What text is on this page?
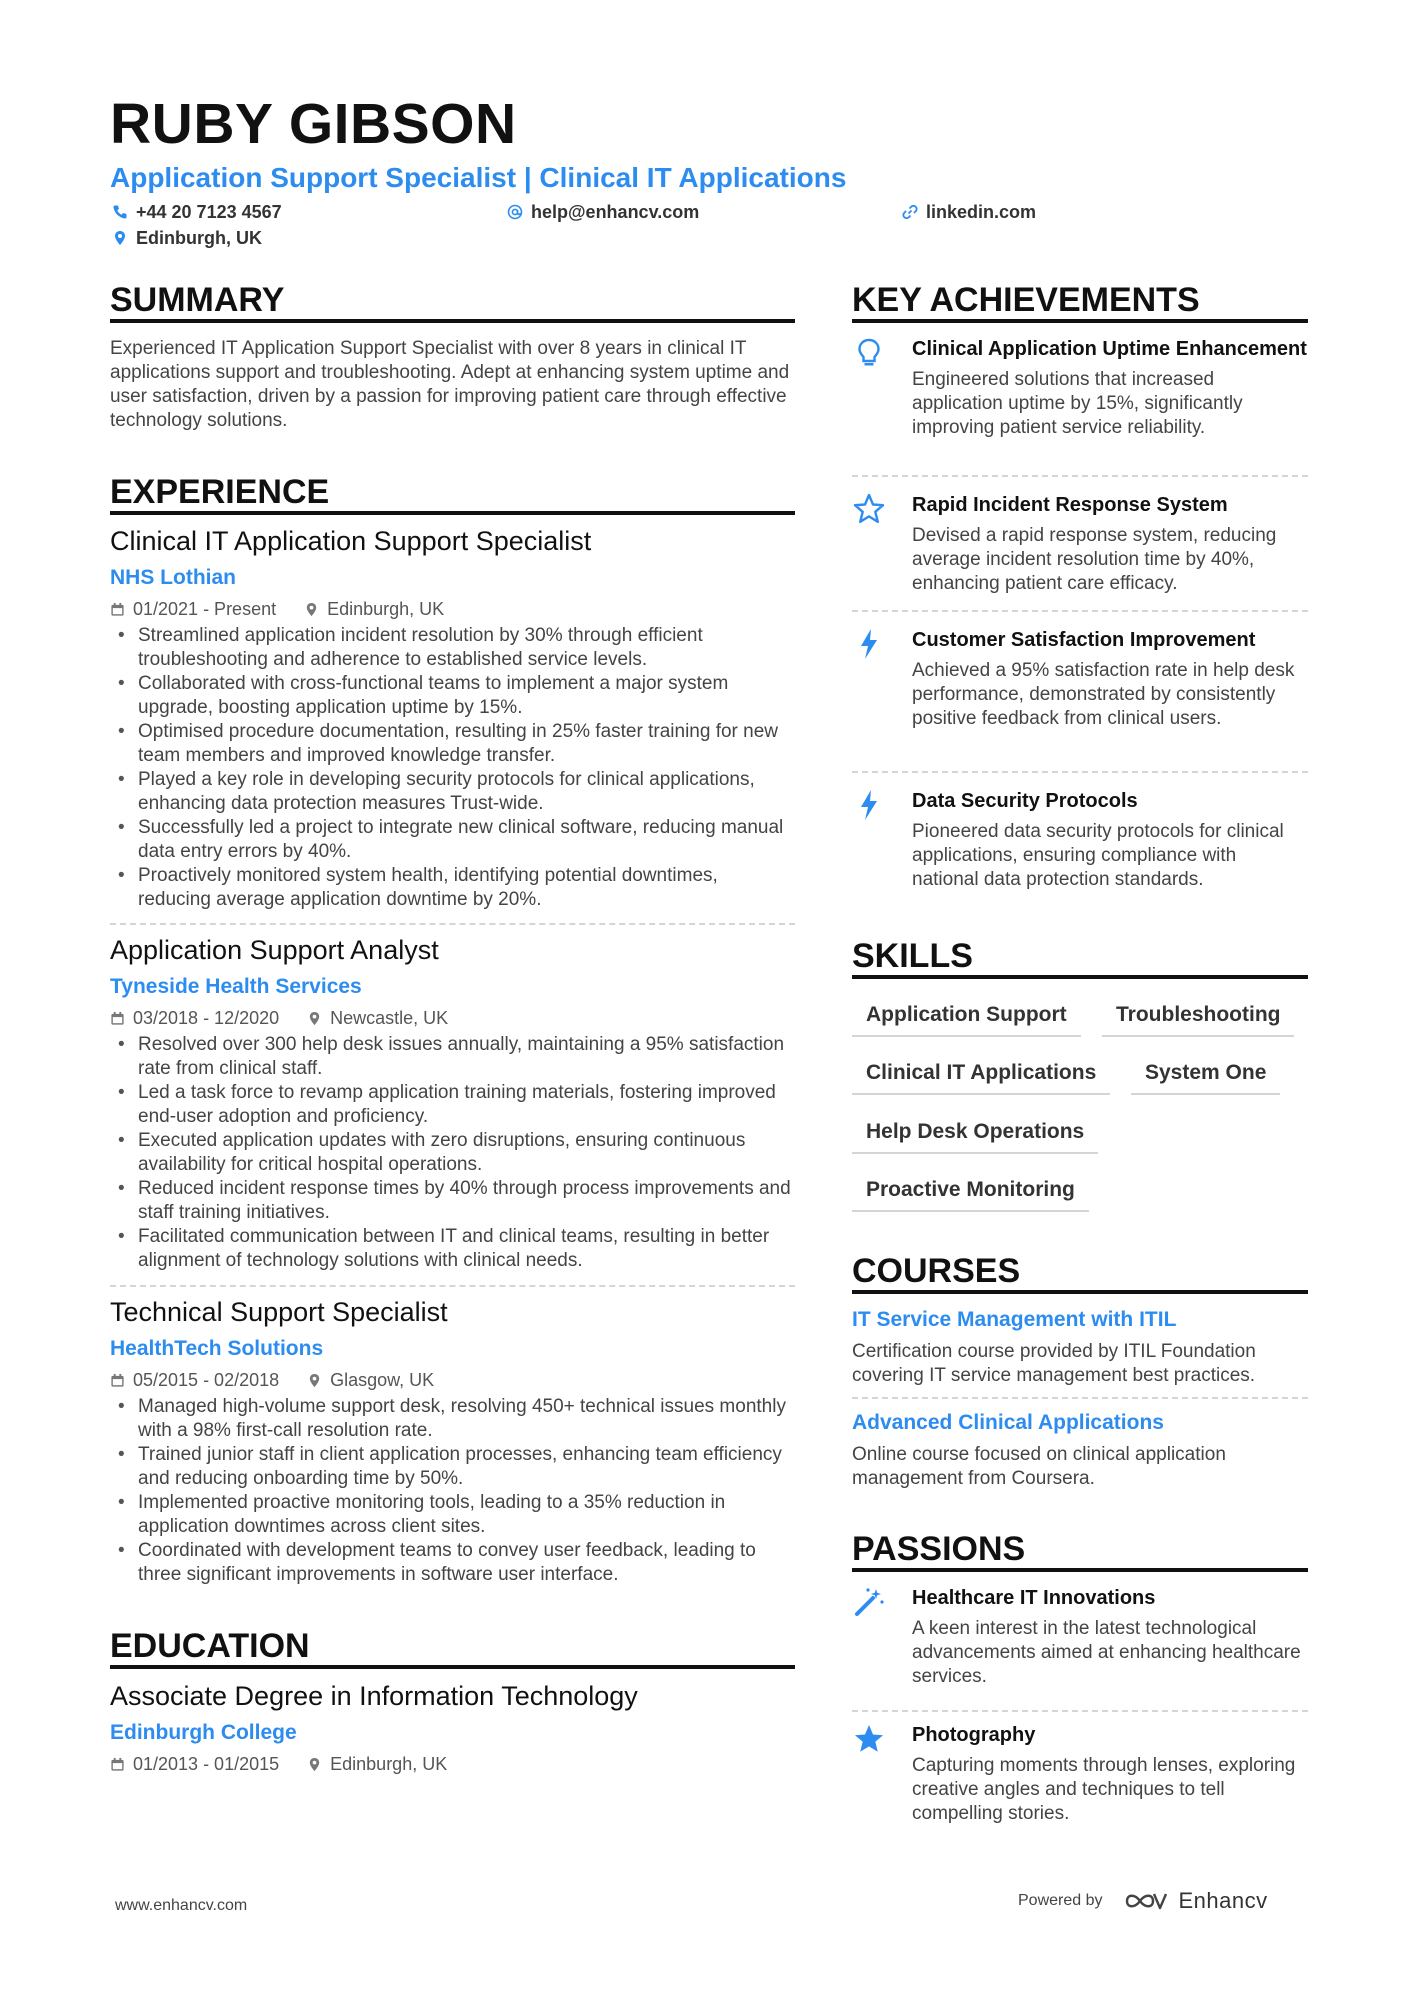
RUBY GIBSON
Application Support Specialist | Clinical IT Applications
+44 20 7123 4567	help@enhancv.com	linkedin.com
Edinburgh, UK
SUMMARY
Experienced IT Application Support Specialist with over 8 years in clinical IT applications support and troubleshooting. Adept at enhancing system uptime and user satisfaction, driven by a passion for improving patient care through effective technology solutions.
EXPERIENCE
Clinical IT Application Support Specialist
NHS Lothian
01/2021 - Present	Edinburgh, UK
• Streamlined application incident resolution by 30% through efficient troubleshooting and adherence to established service levels.
• Collaborated with cross-functional teams to implement a major system upgrade, boosting application uptime by 15%.
• Optimised procedure documentation, resulting in 25% faster training for new team members and improved knowledge transfer.
• Played a key role in developing security protocols for clinical applications, enhancing data protection measures Trust-wide.
• Successfully led a project to integrate new clinical software, reducing manual data entry errors by 40%.
• Proactively monitored system health, identifying potential downtimes, reducing average application downtime by 20%.
Application Support Analyst
Tyneside Health Services
03/2018 - 12/2020	Newcastle, UK
• Resolved over 300 help desk issues annually, maintaining a 95% satisfaction rate from clinical staff.
• Led a task force to revamp application training materials, fostering improved end-user adoption and proficiency.
• Executed application updates with zero disruptions, ensuring continuous availability for critical hospital operations.
• Reduced incident response times by 40% through process improvements and staff training initiatives.
• Facilitated communication between IT and clinical teams, resulting in better alignment of technology solutions with clinical needs.
Technical Support Specialist
HealthTech Solutions
05/2015 - 02/2018	Glasgow, UK
• Managed high-volume support desk, resolving 450+ technical issues monthly with a 98% first-call resolution rate.
• Trained junior staff in client application processes, enhancing team efficiency and reducing onboarding time by 50%.
• Implemented proactive monitoring tools, leading to a 35% reduction in application downtimes across client sites.
• Coordinated with development teams to convey user feedback, leading to three significant improvements in software user interface.
EDUCATION
Associate Degree in Information Technology
Edinburgh College
01/2013 - 01/2015	Edinburgh, UK
KEY ACHIEVEMENTS
Clinical Application Uptime Enhancement
Engineered solutions that increased application uptime by 15%, significantly improving patient service reliability.
Rapid Incident Response System
Devised a rapid response system, reducing average incident resolution time by 40%, enhancing patient care efficacy.
Customer Satisfaction Improvement
Achieved a 95% satisfaction rate in help desk performance, demonstrated by consistently positive feedback from clinical users.
Data Security Protocols
Pioneered data security protocols for clinical applications, ensuring compliance with national data protection standards.
SKILLS
Application Support	Troubleshooting
Clinical IT Applications	System One
Help Desk Operations
Proactive Monitoring
COURSES
IT Service Management with ITIL
Certification course provided by ITIL Foundation covering IT service management best practices.
Advanced Clinical Applications
Online course focused on clinical application management from Coursera.
PASSIONS
Healthcare IT Innovations
A keen interest in the latest technological advancements aimed at enhancing healthcare services.
Photography
Capturing moments through lenses, exploring creative angles and techniques to tell compelling stories.
www.enhancv.com	Powered by	Enhancv
